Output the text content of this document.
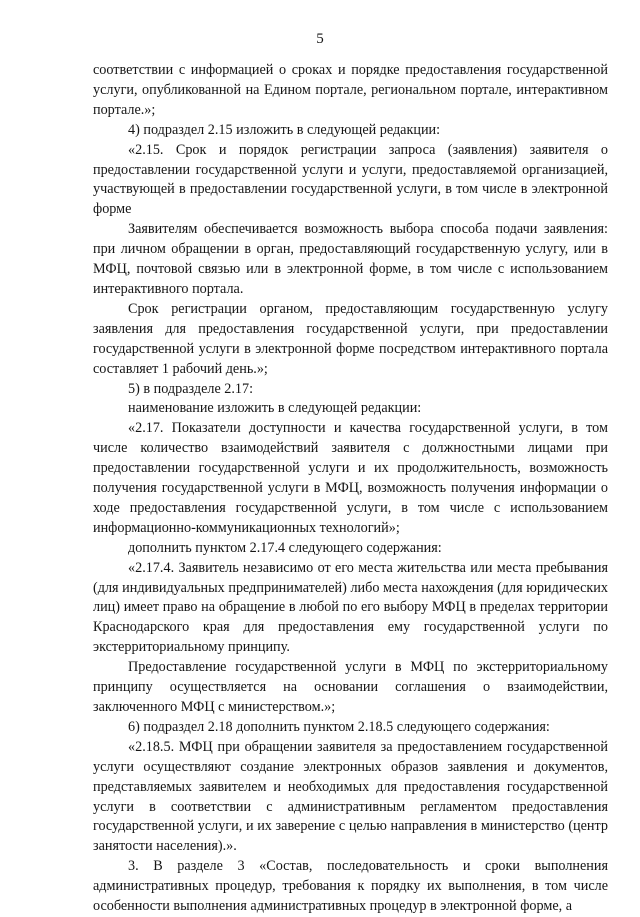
5

соответствии с информацией о сроках и порядке предоставления государственной услуги, опубликованной на Едином портале, региональном портале, интерактивном портале.»;

4) подраздел 2.15 изложить в следующей редакции:

«2.15. Срок и порядок регистрации запроса (заявления) заявителя о предоставлении государственной услуги и услуги, предоставляемой организацией, участвующей в предоставлении государственной услуги, в том числе в электронной форме

Заявителям обеспечивается возможность выбора способа подачи заявления: при личном обращении в орган, предоставляющий государственную услугу, или в МФЦ, почтовой связью или в электронной форме, в том числе с использованием интерактивного портала.

Срок регистрации органом, предоставляющим государственную услугу заявления для предоставления государственной услуги, при предоставлении государственной услуги в электронной форме посредством интерактивного портала составляет 1 рабочий день.»;

5) в подразделе 2.17:

наименование изложить в следующей редакции:

«2.17. Показатели доступности и качества государственной услуги, в том числе количество взаимодействий заявителя с должностными лицами при предоставлении государственной услуги и их продолжительность, возможность получения государственной услуги в МФЦ, возможность получения информации о ходе предоставления государственной услуги, в том числе с использованием информационно-коммуникационных технологий»;

дополнить пунктом 2.17.4 следующего содержания:

«2.17.4. Заявитель независимо от его места жительства или места пребывания (для индивидуальных предпринимателей) либо места нахождения (для юридических лиц) имеет право на обращение в любой по его выбору МФЦ в пределах территории Краснодарского края для предоставления ему государственной услуги по экстерриториальному принципу.

Предоставление государственной услуги в МФЦ по экстерриториальному принципу осуществляется на основании соглашения о взаимодействии, заключенного МФЦ с министерством.»;

6) подраздел 2.18 дополнить пунктом 2.18.5 следующего содержания:

«2.18.5. МФЦ при обращении заявителя за предоставлением государственной услуги осуществляют создание электронных образов заявления и документов, представляемых заявителем и необходимых для предоставления государственной услуги в соответствии с административным регламентом предоставления государственной услуги, и их заверение с целью направления в министерство (центр занятости населения).».

3. В разделе 3 «Состав, последовательность и сроки выполнения административных процедур, требования к порядку их выполнения, в том числе особенности выполнения административных процедур в электронной форме, а
